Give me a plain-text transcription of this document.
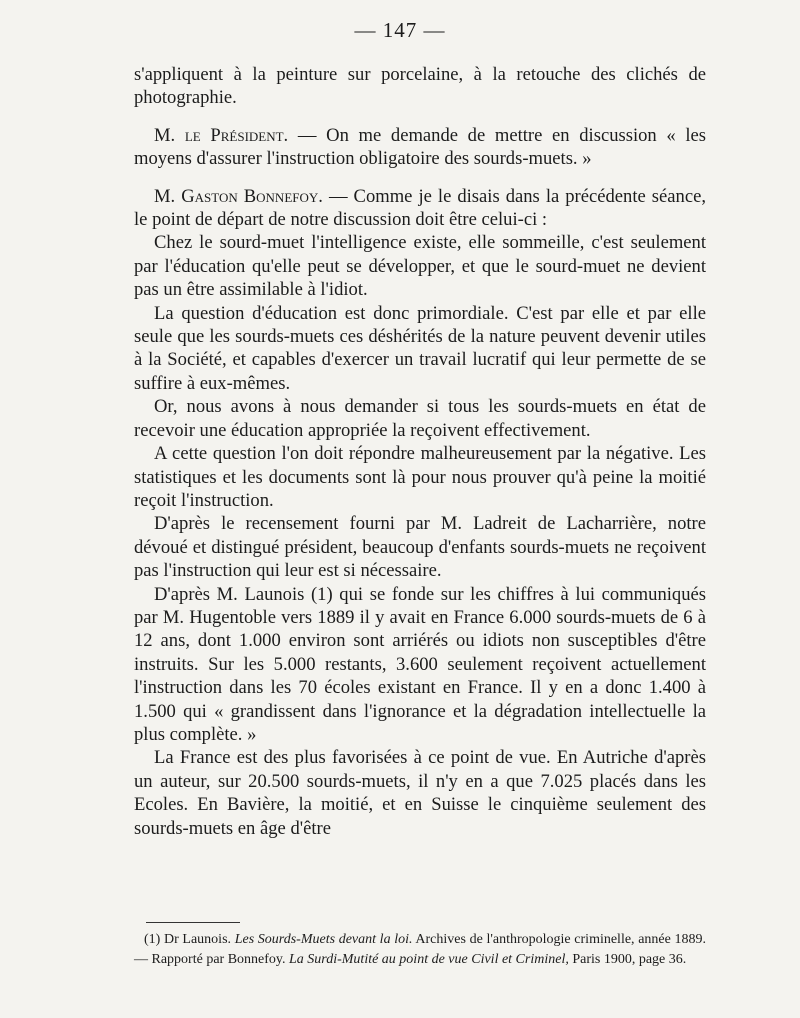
— 147 —

s'appliquent à la peinture sur porcelaine, à la retouche des clichés de photographie.

M. le Président. — On me demande de mettre en discussion « les moyens d'assurer l'instruction obligatoire des sourds-muets. »

M. Gaston Bonnefoy. — Comme je le disais dans la précédente séance, le point de départ de notre discussion doit être celui-ci :

Chez le sourd-muet l'intelligence existe, elle sommeille, c'est seulement par l'éducation qu'elle peut se développer, et que le sourd-muet ne devient pas un être assimilable à l'idiot.

La question d'éducation est donc primordiale. C'est par elle et par elle seule que les sourds-muets ces déshérités de la nature peuvent devenir utiles à la Société, et capables d'exercer un travail lucratif qui leur permette de se suffire à eux-mêmes.

Or, nous avons à nous demander si tous les sourds-muets en état de recevoir une éducation appropriée la reçoivent effectivement.

A cette question l'on doit répondre malheureusement par la négative. Les statistiques et les documents sont là pour nous prouver qu'à peine la moitié reçoit l'instruction.

D'après le recensement fourni par M. Ladreit de Lacharrière, notre dévoué et distingué président, beaucoup d'enfants sourds-muets ne reçoivent pas l'instruction qui leur est si nécessaire.

D'après M. Launois (1) qui se fonde sur les chiffres à lui communiqués par M. Hugentoble vers 1889 il y avait en France 6.000 sourds-muets de 6 à 12 ans, dont 1.000 environ sont arriérés ou idiots non susceptibles d'être instruits. Sur les 5.000 restants, 3.600 seulement reçoivent actuellement l'instruction dans les 70 écoles existant en France. Il y en a donc 1.400 à 1.500 qui « grandissent dans l'ignorance et la dégradation intellectuelle la plus complète. »

La France est des plus favorisées à ce point de vue. En Autriche d'après un auteur, sur 20.500 sourds-muets, il n'y en a que 7.025 placés dans les Ecoles. En Bavière, la moitié, et en Suisse le cinquième seulement des sourds-muets en âge d'être

(1) Dr Launois. Les Sourds-Muets devant la loi. Archives de l'anthropologie criminelle, année 1889. — Rapporté par Bonnefoy. La Surdi-Mutité au point de vue Civil et Criminel, Paris 1900, page 36.
